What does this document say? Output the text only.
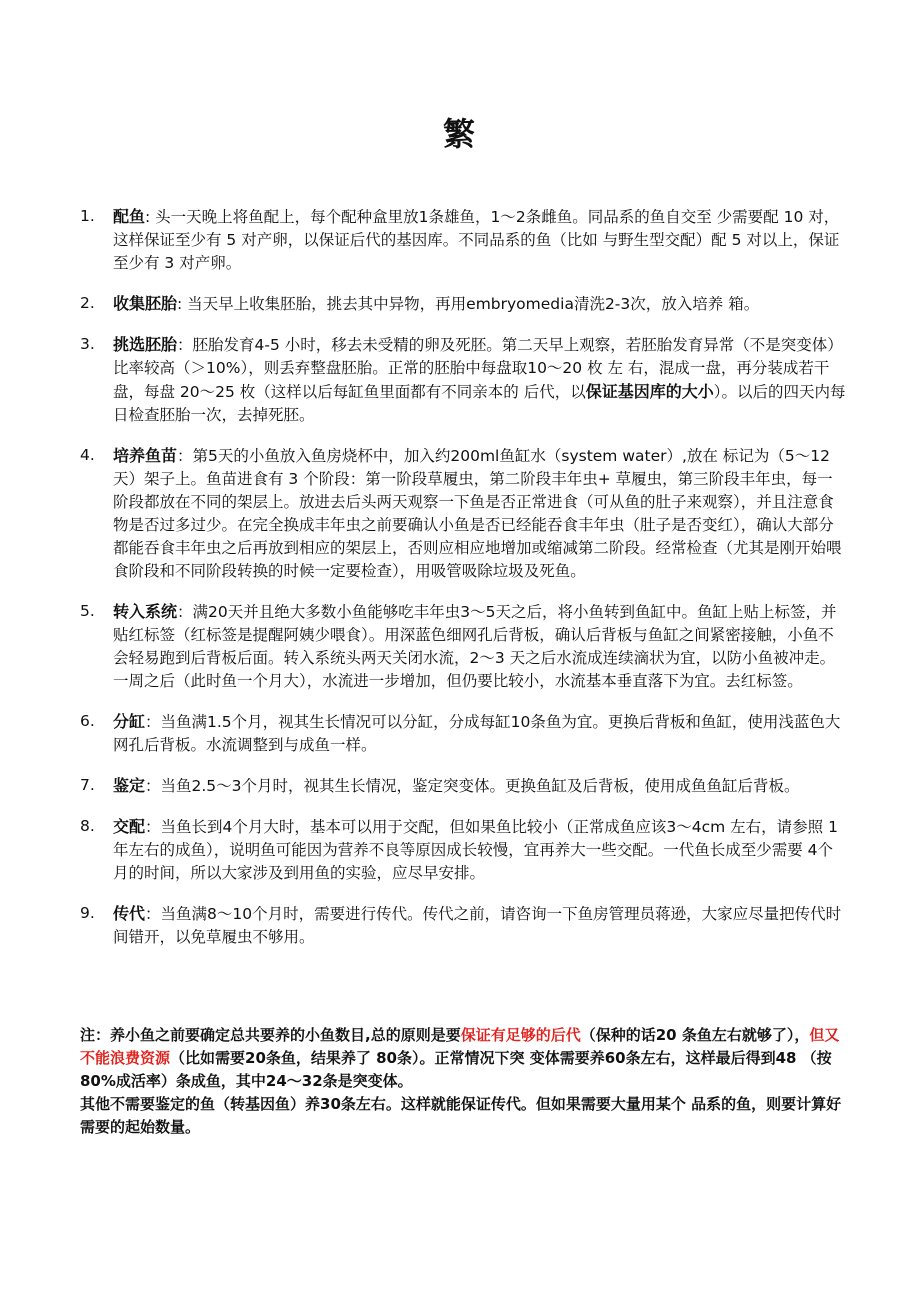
繁
1. 配鱼: 头一天晚上将鱼配上，每个配种盒里放1条雄鱼，1～2条雌鱼。同品系的鱼自交至 少需要配 10 对，这样保证至少有 5 对产卵，以保证后代的基因库。不同品系的鱼（比如 与野生型交配）配 5 对以上，保证至少有 3 对产卵。
2. 收集胚胎: 当天早上收集胚胎，挑去其中异物，再用embryomedia清洗2-3次，放入培养 箱。
3. 挑选胚胎：胚胎发育4-5 小时，移去未受精的卵及死胚。第二天早上观察，若胚胎发育异常（不是突变体）比率较高（＞10%），则丢弃整盘胚胎。正常的胚胎中每盘取10～20 枚 左 右，混成一盘，再分装成若干盘，每盘 20～25 枚（这样以后每缸鱼里面都有不同亲本的 后代，以保证基因库的大小）。以后的四天内每日检查胚胎一次，去掉死胚。
4. 培养鱼苗：第5天的小鱼放入鱼房烧杯中，加入约200ml鱼缸水（system water）,放在 标记为（5～12 天）架子上。鱼苗进食有 3 个阶段：第一阶段草履虫，第二阶段丰年虫+ 草履虫，第三阶段丰年虫，每一阶段都放在不同的架层上。放进去后头两天观察一下鱼是否正常进食（可从鱼的肚子来观察），并且注意食物是否过多过少。在完全换成丰年虫之前要确认小鱼是否已经能吞食丰年虫（肚子是否变红），确认大部分都能吞食丰年虫之后再放到相应的架层上，否则应相应地增加或缩减第二阶段。经常检查（尤其是刚开始喂食阶段和不同阶段转换的时候一定要检查），用吸管吸除垃圾及死鱼。
5. 转入系统：满20天并且绝大多数小鱼能够吃丰年虫3～5天之后，将小鱼转到鱼缸中。鱼缸上贴上标签，并贴红标签（红标签是提醒阿姨少喂食）。用深蓝色细网孔后背板，确认后背板与鱼缸之间紧密接触，小鱼不会轻易跑到后背板后面。转入系统头两天关闭水流，2～3 天之后水流成连续滴状为宜，以防小鱼被冲走。一周之后（此时鱼一个月大），水流进一步增加，但仍要比较小，水流基本垂直落下为宜。去红标签。
6. 分缸：当鱼满1.5个月，视其生长情况可以分缸，分成每缸10条鱼为宜。更换后背板和鱼缸，使用浅蓝色大网孔后背板。水流调整到与成鱼一样。
7. 鉴定：当鱼2.5～3个月时，视其生长情况，鉴定突变体。更换鱼缸及后背板，使用成鱼鱼缸后背板。
8. 交配：当鱼长到4个月大时，基本可以用于交配，但如果鱼比较小（正常成鱼应该3～4cm 左右，请参照 1 年左右的成鱼），说明鱼可能因为营养不良等原因成长较慢，宜再养大一些交配。一代鱼长成至少需要 4个月的时间，所以大家涉及到用鱼的实验，应尽早安排。
9. 传代：当鱼满8～10个月时，需要进行传代。传代之前，请咨询一下鱼房管理员蒋逊，大家应尽量把传代时间错开，以免草履虫不够用。

注：养小鱼之前要确定总共要养的小鱼数目,总的原则是要保证有足够的后代（保种的话20 条鱼左右就够了），但又不能浪费资源（比如需要20条鱼，结果养了 80条）。正常情况下突 变体需要养60条左右，这样最后得到48 （按80%成活率）条成鱼，其中24～32条是突变体。

其他不需要鉴定的鱼（转基因鱼）养30条左右。这样就能保证传代。但如果需要大量用某个 品系的鱼，则要计算好需要的起始数量。
